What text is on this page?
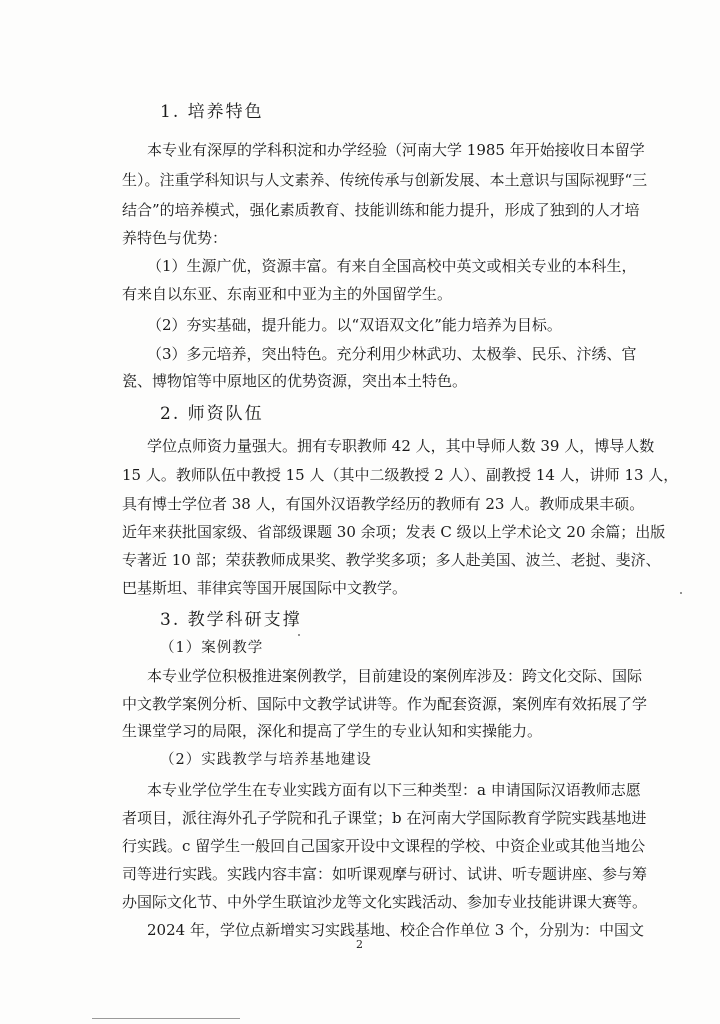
1. 培养特色
本专业有深厚的学科积淀和办学经验（河南大学 1985 年开始接收日本留学
生）。注重学科知识与人文素养、传统传承与创新发展、本土意识与国际视野“三
结合”的培养模式，强化素质教育、技能训练和能力提升，形成了独到的人才培
养特色与优势：
（1）生源广优，资源丰富。有来自全国高校中英文或相关专业的本科生，
有来自以东亚、东南亚和中亚为主的外国留学生。
（2）夯实基础，提升能力。以“双语双文化”能力培养为目标。
（3）多元培养，突出特色。充分利用少林武功、太极拳、民乐、汴绣、官
瓷、博物馆等中原地区的优势资源，突出本土特色。
2. 师资队伍
学位点师资力量强大。拥有专职教师 42 人，其中导师人数 39 人，博导人数
15 人。教师队伍中教授 15 人（其中二级教授 2 人）、副教授 14 人，讲师 13 人，
具有博士学位者 38 人，有国外汉语教学经历的教师有 23 人。教师成果丰硕。
近年来获批国家级、省部级课题 30 余项；发表 C 级以上学术论文 20 余篇；出版
专著近 10 部；荣获教师成果奖、教学奖多项；多人赴美国、波兰、老挝、斐济、
巴基斯坦、菲律宾等国开展国际中文教学。
3. 教学科研支撑
（1）案例教学
本专业学位积极推进案例教学，目前建设的案例库涉及：跨文化交际、国际
中文教学案例分析、国际中文教学试讲等。作为配套资源，案例库有效拓展了学
生课堂学习的局限，深化和提高了学生的专业认知和实操能力。
（2）实践教学与培养基地建设
本专业学位学生在专业实践方面有以下三种类型：a 申请国际汉语教师志愿
者项目，派往海外孔子学院和孔子课堂；b 在河南大学国际教育学院实践基地进
行实践。c 留学生一般回自己国家开设中文课程的学校、中资企业或其他当地公
司等进行实践。实践内容丰富：如听课观摩与研讨、试讲、听专题讲座、参与筹
办国际文化节、中外学生联谊沙龙等文化实践活动、参加专业技能讲课大赛等。
2024 年，学位点新增实习实践基地、校企合作单位 3 个，分别为：中国文
2
